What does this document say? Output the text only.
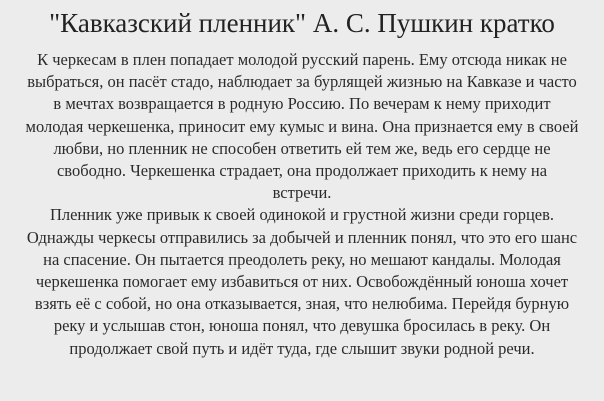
"Кавказский пленник" А. С. Пушкин кратко
К черкесам в плен попадает молодой русский парень. Ему отсюда никак не
выбраться, он пасёт стадо, наблюдает за бурлящей жизнью на Кавказе и часто
в мечтах возвращается в родную Россию. По вечерам к нему приходит
молодая черкешенка, приносит ему кумыс и вина. Она признается ему в своей
любви, но пленник не способен ответить ей тем же, ведь его сердце не
свободно. Черкешенка страдает, она продолжает приходить к нему на
встречи.
Пленник уже привык к своей одинокой и грустной жизни среди горцев.
Однажды черкесы отправились за добычей и пленник понял, что это его шанс
на спасение. Он пытается преодолеть реку, но мешают кандалы. Молодая
черкешенка помогает ему избавиться от них. Освобождённый юноша хочет
взять её с собой, но она отказывается, зная, что нелюбима. Перейдя бурную
реку и услышав стон, юноша понял, что девушка бросилась в реку. Он
продолжает свой путь и идёт туда, где слышит звуки родной речи.
